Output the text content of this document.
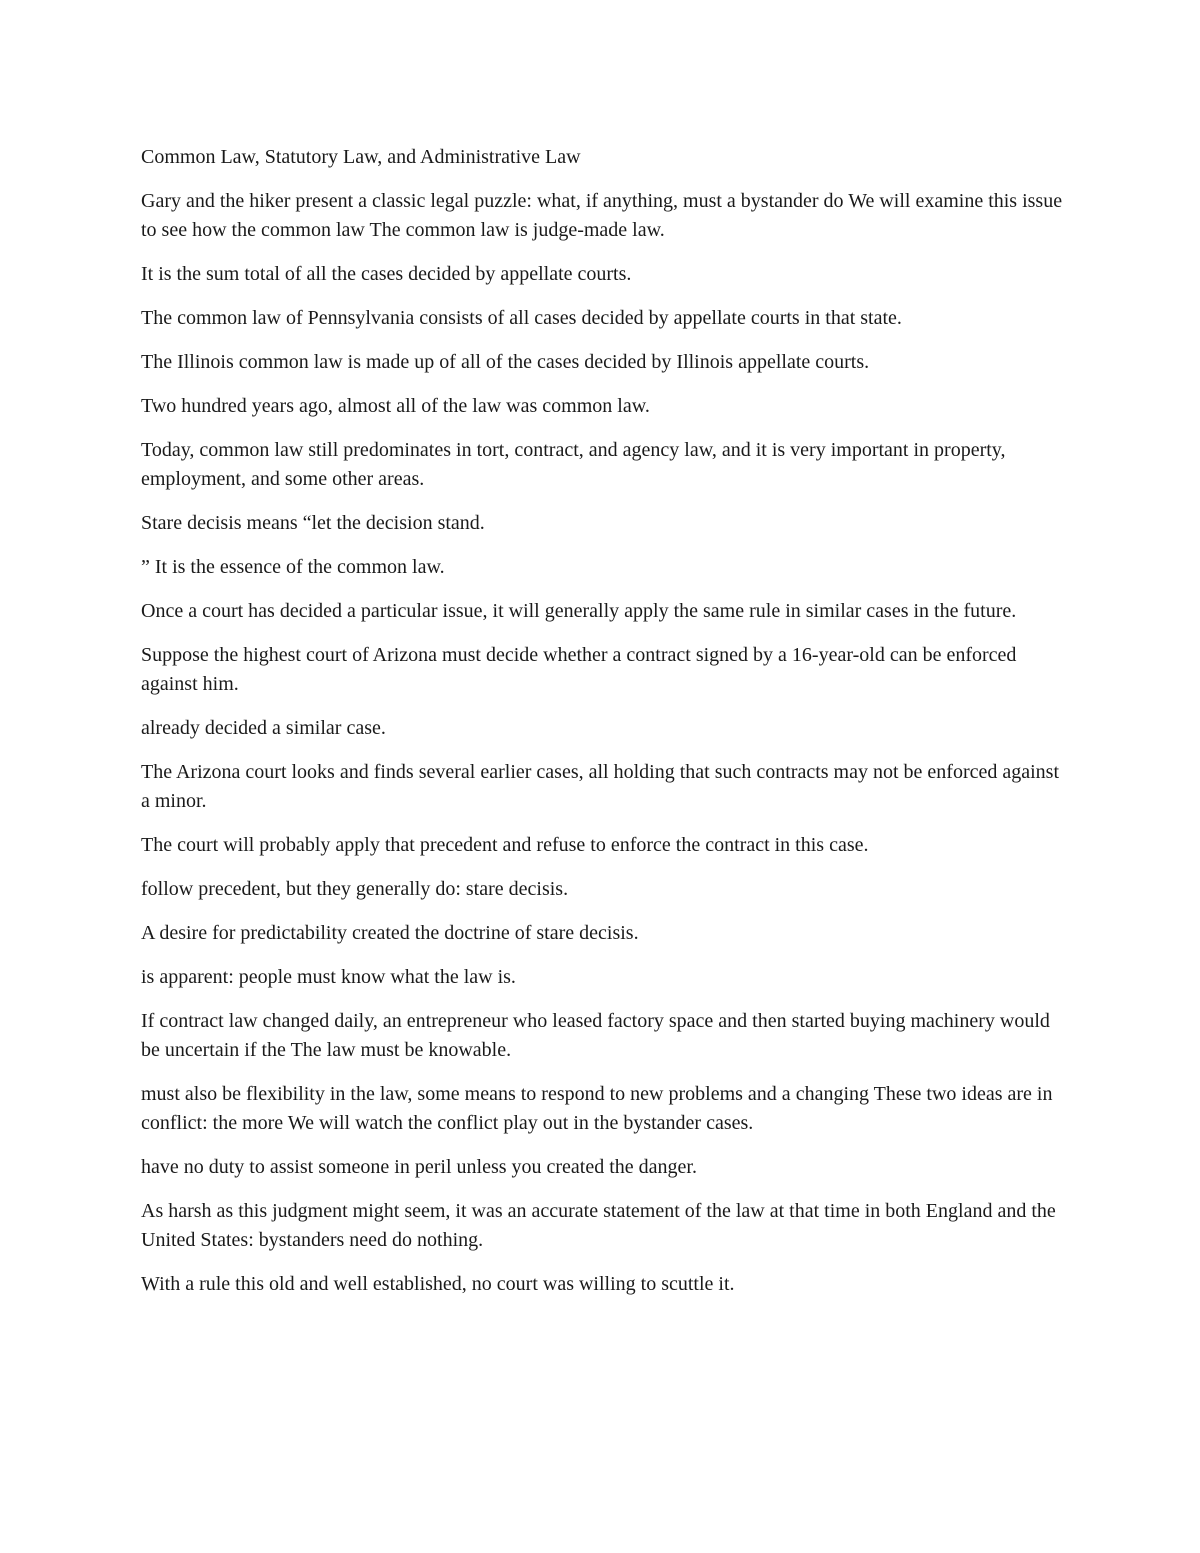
Common Law, Statutory Law, and Administrative Law

Gary and the hiker present a classic legal puzzle: what, if anything, must a bystander do We will examine this issue to see how the common law The common law is judge-made law.

It is the sum total of all the cases decided by appellate courts.

The common law of Pennsylvania consists of all cases decided by appellate courts in that state.

The Illinois common law is made up of all of the cases decided by Illinois appellate courts.

Two hundred years ago, almost all of the law was common law.

Today, common law still predominates in tort, contract, and agency law, and it is very important in property, employment, and some other areas.

Stare decisis means “let the decision stand.

” It is the essence of the common law.

Once a court has decided a particular issue, it will generally apply the same rule in similar cases in the future.

Suppose the highest court of Arizona must decide whether a contract signed by a 16-year-old can be enforced against him.

already decided a similar case.

The Arizona court looks and finds several earlier cases, all holding that such contracts may not be enforced against a minor.

The court will probably apply that precedent and refuse to enforce the contract in this case.

follow precedent, but they generally do: stare decisis.

A desire for predictability created the doctrine of stare decisis.

is apparent: people must know what the law is.

If contract law changed daily, an entrepreneur who leased factory space and then started buying machinery would be uncertain if the The law must be knowable.

must also be flexibility in the law, some means to respond to new problems and a changing These two ideas are in conflict: the more We will watch the conflict play out in the bystander cases.

have no duty to assist someone in peril unless you created the danger.

As harsh as this judgment might seem, it was an accurate statement of the law at that time in both England and the United States: bystanders need do nothing.

With a rule this old and well established, no court was willing to scuttle it.
